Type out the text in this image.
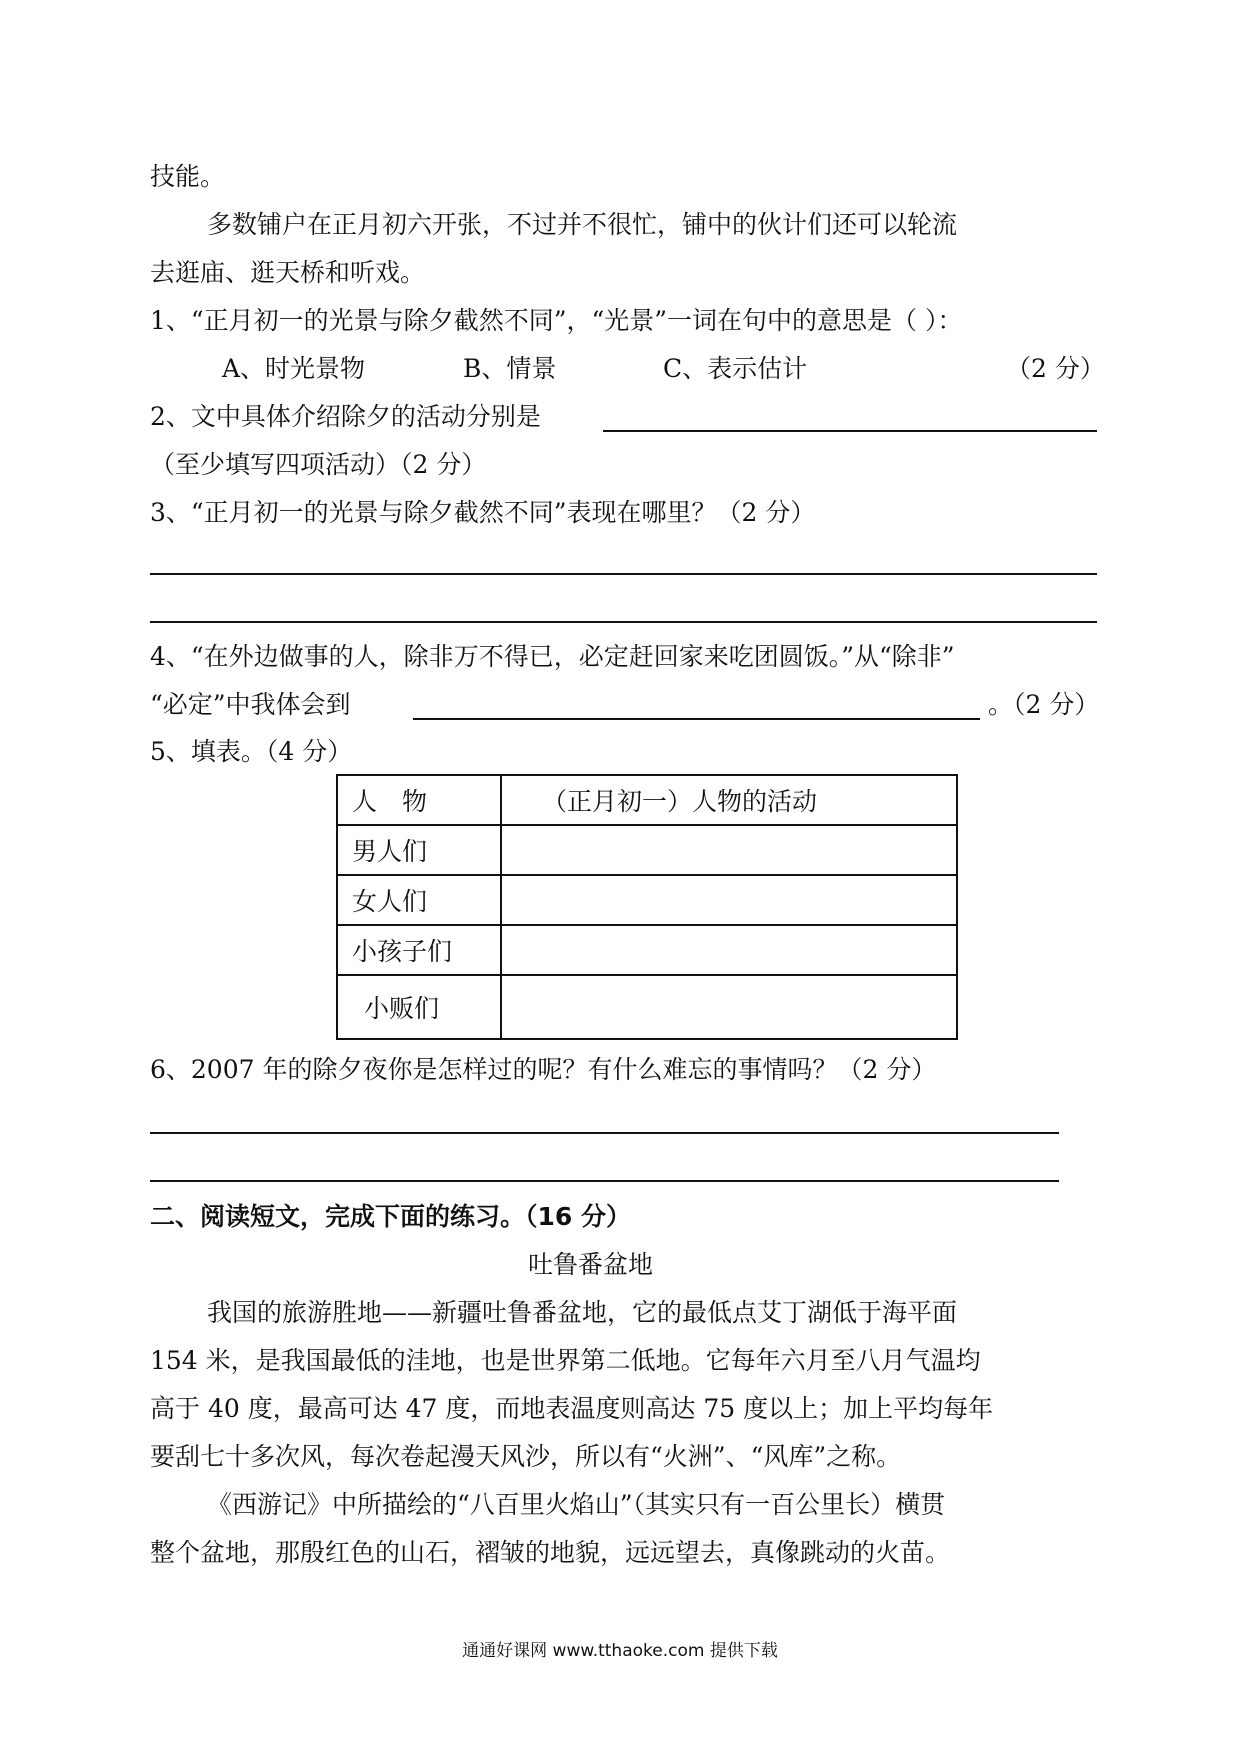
技能。
多数铺户在正月初六开张，不过并不很忙，铺中的伙计们还可以轮流
去逛庙、逛天桥和听戏。
1、“正月初一的光景与除夕截然不同”，“光景”一词在句中的意思是（ ）：
A、时光景物	B、情景	C、表示估计	（2 分）
2、文中具体介绍除夕的活动分别是
（至少填写四项活动）（2 分）
3、“正月初一的光景与除夕截然不同”表现在哪里？（2 分）
4、“在外边做事的人，除非万不得已，必定赶回家来吃团圆饭。”从“除非”
“必定”中我体会到	。（2 分）
5、填表。（4 分）
人　物	（正月初一）人物的活动
男人们	
女人们	
小孩子们	
小贩们	
6、2007 年的除夕夜你是怎样过的呢？有什么难忘的事情吗？（2 分）
二、阅读短文，完成下面的练习。（16 分）
吐鲁番盆地
我国的旅游胜地——新疆吐鲁番盆地，它的最低点艾丁湖低于海平面
154 米，是我国最低的洼地，也是世界第二低地。它每年六月至八月气温均
高于 40 度，最高可达 47 度，而地表温度则高达 75 度以上；加上平均每年
要刮七十多次风，每次卷起漫天风沙，所以有“火洲”、“风库”之称。
《西游记》中所描绘的“八百里火焰山”（其实只有一百公里长）横贯
整个盆地，那殷红色的山石，褶皱的地貌，远远望去，真像跳动的火苗。
通通好课网 www.tthaoke.com 提供下载
